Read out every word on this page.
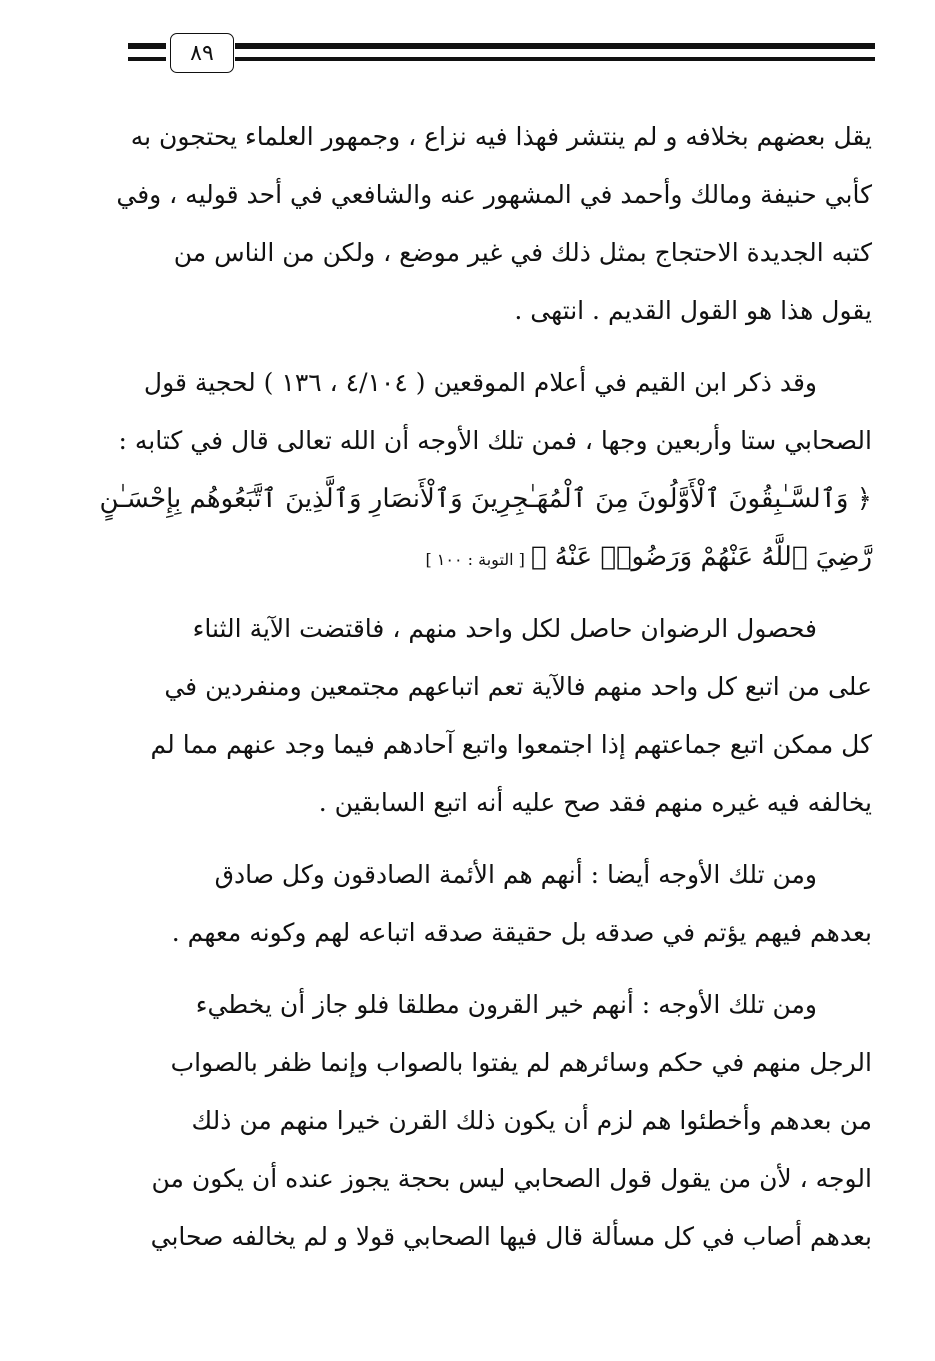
٨٩
يقل بعضهم بخلافه و لم ينتشر فهذا فيه نزاع ، وجمهور العلماء يحتجون به
كأبي حنيفة ومالك وأحمد في المشهور عنه والشافعي في أحد قوليه ، وفي
كتبه الجديدة الاحتجاج بمثل ذلك في غير موضع ، ولكن من الناس من
يقول هذا هو القول القديم . انتهى .
وقد ذكر ابن القيم في أعلام الموقعين ( ٤/١٠٤ ، ١٣٦ ) لحجية قول
الصحابي ستا وأربعين وجها ، فمن تلك الأوجه أن الله تعالى قال في كتابه :
﴿ وَٱلسَّـٰبِقُونَ ٱلْأَوَّلُونَ مِنَ ٱلْمُهَـٰجِرِينَ وَٱلْأَنصَارِ وَٱلَّذِينَ ٱتَّبَعُوهُم بِإِحْسَـٰنٍ
رَّضِيَ ٱللَّهُ عَنْهُمْ وَرَضُوا۟ عَنْهُ ﴾[ التوبة : ١٠٠ ]
فحصول الرضوان حاصل لكل واحد منهم ، فاقتضت الآية الثناء
على من اتبع كل واحد منهم فالآية تعم اتباعهم مجتمعين ومنفردين في
كل ممكن اتبع جماعتهم إذا اجتمعوا واتبع آحادهم فيما وجد عنهم مما لم
يخالفه فيه غيره منهم فقد صح عليه أنه اتبع السابقين .
ومن تلك الأوجه أيضا : أنهم هم الأئمة الصادقون وكل صادق
بعدهم فيهم يؤتم في صدقه بل حقيقة صدقه اتباعه لهم وكونه معهم .
ومن تلك الأوجه : أنهم خير القرون مطلقا فلو جاز أن يخطيء
الرجل منهم في حكم وسائرهم لم يفتوا بالصواب وإنما ظفر بالصواب
من بعدهم وأخطئوا هم لزم أن يكون ذلك القرن خيرا منهم من ذلك
الوجه ، لأن من يقول قول الصحابي ليس بحجة يجوز عنده أن يكون من
بعدهم أصاب في كل مسألة قال فيها الصحابي قولا و لم يخالفه صحابي
